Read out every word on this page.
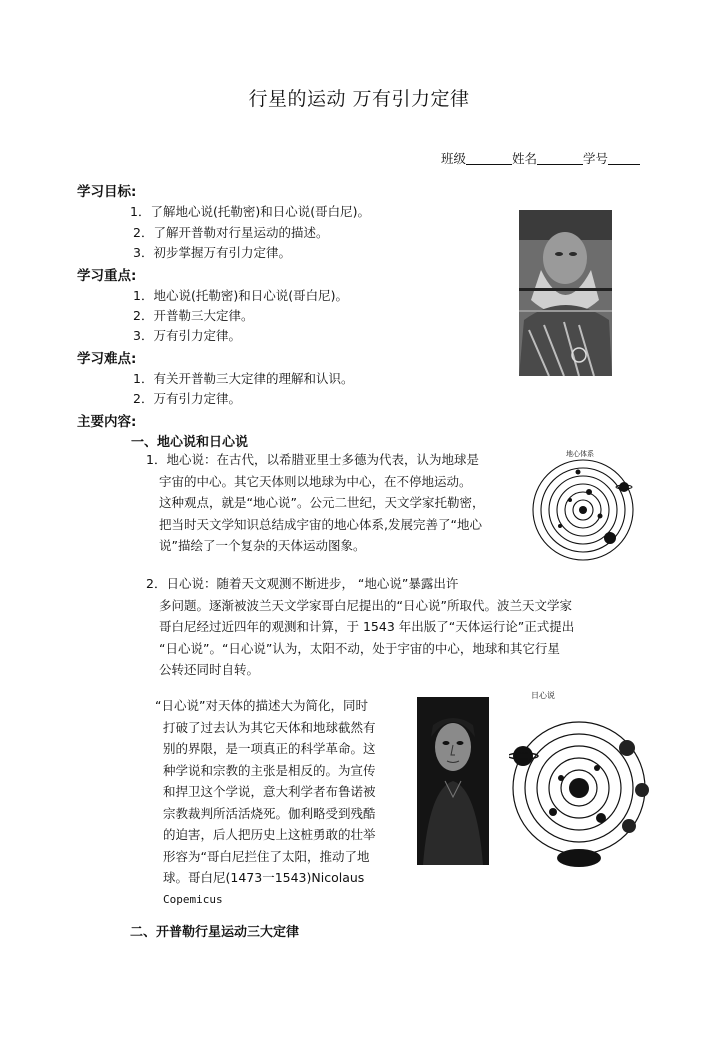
行星的运动 万有引力定律
班级	姓名	学号
学习目标:
1．了解地心说(托勒密)和日心说(哥白尼)。
2．了解开普勒对行星运动的描述。
3．初步掌握万有引力定律。
学习重点:
1．地心说(托勒密)和日心说(哥白尼)。
2．开普勒三大定律。
3．万有引力定律。
学习难点:
1．有关开普勒三大定律的理解和认识。
2．万有引力定律。
主要内容:
一、地心说和日心说
1．地心说：在古代，以希腊亚里士多德为代表，认为地球是
宇宙的中心。其它天体则以地球为中心，在不停地运动。
这种观点，就是“地心说”。公元二世纪，天文学家托勒密，
把当时天文学知识总结成宇宙的地心体系,发展完善了“地心
说”描绘了一个复杂的天体运动图象。
地心体系
2．日心说：随着天文观测不断进步， “地心说”暴露出许
多问题。逐渐被波兰天文学家哥白尼提出的“日心说”所取代。波兰天文学家
哥白尼经过近四年的观测和计算，于 1543 年出版了“天体运行论”正式提出
“日心说”。“日心说”认为，太阳不动，处于宇宙的中心，地球和其它行星
公转还同时自转。
“日心说”对天体的描述大为简化，同时
打破了过去认为其它天体和地球截然有
别的界限，是一项真正的科学革命。这
种学说和宗教的主张是相反的。为宣传
和捍卫这个学说，意大利学者布鲁诺被
宗教裁判所活活烧死。伽利略受到残酷
的迫害，后人把历史上这桩勇敢的壮举
形容为“哥白尼拦住了太阳，推动了地
球。哥白尼(1473一1543)Nicolaus
Copemicus
日心说
二、开普勒行星运动三大定律
